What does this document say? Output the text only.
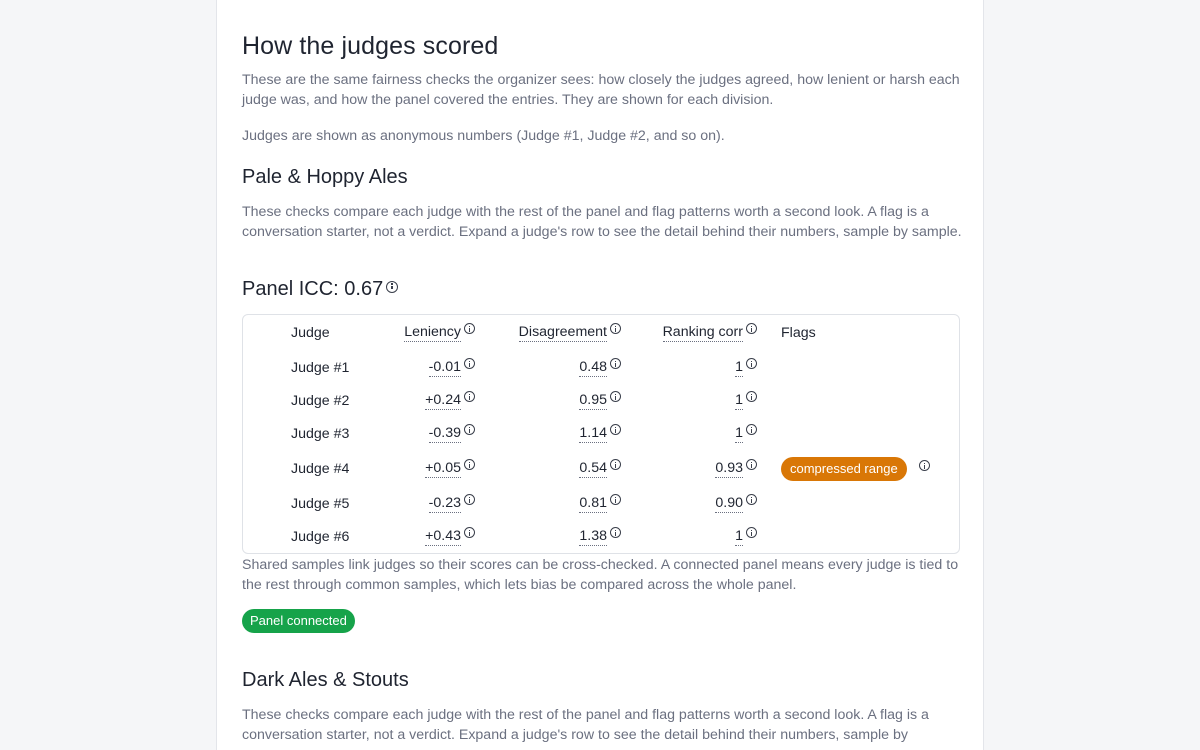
How the judges scored

These are the same fairness checks the organizer sees: how closely the judges agreed, how lenient or harsh each judge was, and how the panel covered the entries. They are shown for each division.

Judges are shown as anonymous numbers (Judge #1, Judge #2, and so on).

Pale & Hoppy Ales

These checks compare each judge with the rest of the panel and flag patterns worth a second look. A flag is a conversation starter, not a verdict. Expand a judge's row to see the detail behind their numbers, sample by sample.

Panel ICC: 0.67
Judge	Leniency	Disagreement	Ranking corr	Flags
Judge #1	-0.01	0.48	1
Judge #2	+0.24	0.95	1
Judge #3	-0.39	1.14	1
Judge #4	+0.05	0.54	0.93	compressed range
Judge #5	-0.23	0.81	0.90
Judge #6	+0.43	1.38	1

Shared samples link judges so their scores can be cross-checked. A connected panel means every judge is tied to the rest through common samples, which lets bias be compared across the whole panel.

Panel connected
Dark Ales & Stouts

These checks compare each judge with the rest of the panel and flag patterns worth a second look. A flag is a conversation starter, not a verdict. Expand a judge's row to see the detail behind their numbers, sample by
